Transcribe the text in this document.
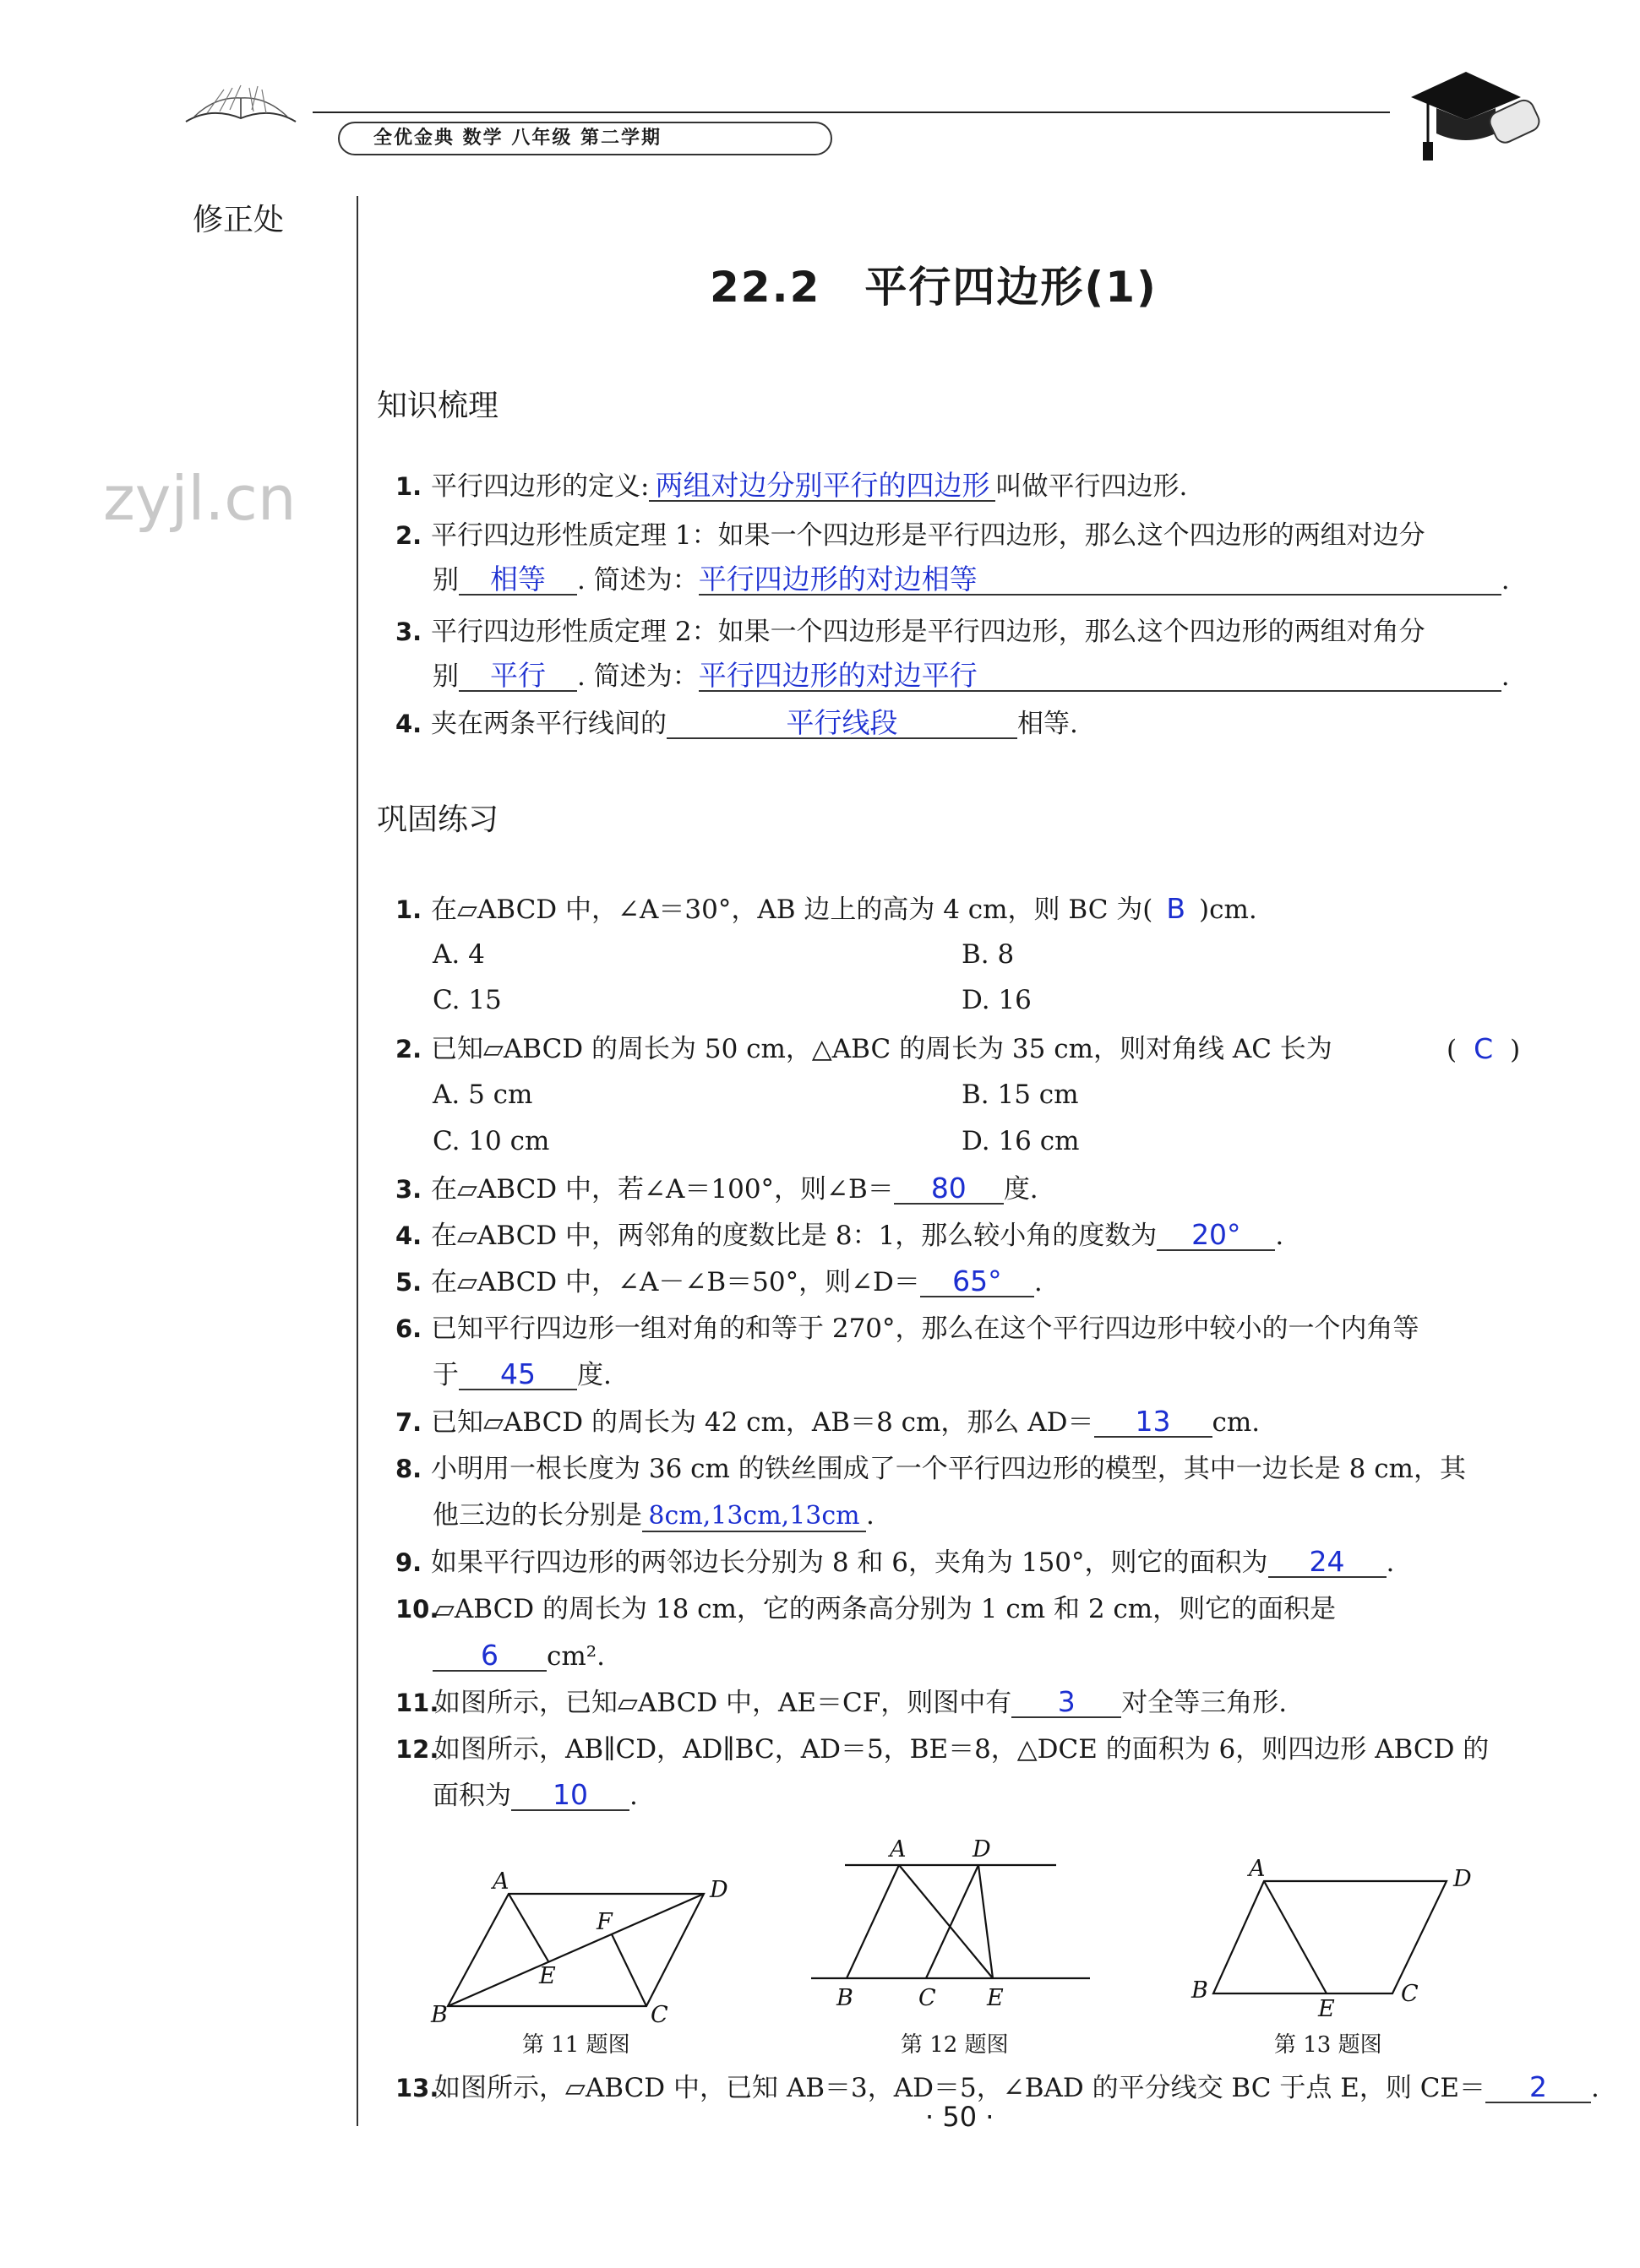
全优金典 数学 八年级 第二学期
修正处
zyjl.cn
22.2　平行四边形(1)
知识梳理
1. 平行四边形的定义: 两组对边分别平行的四边形 叫做平行四边形.
2. 平行四边形性质定理 1：如果一个四边形是平行四边形，那么这个四边形的两组对边分
别 相等 . 简述为：平行四边形的对边相等	.
3. 平行四边形性质定理 2：如果一个四边形是平行四边形，那么这个四边形的两组对角分
别 平行 . 简述为：平行四边形的对边平行	.
4. 夹在两条平行线间的	平行线段	相等.
巩固练习
1. 在▱ABCD 中，∠A＝30°，AB 边上的高为 4 cm，则 BC 为( B )cm.
A. 4	B. 8
C. 15	D. 16
2. 已知▱ABCD 的周长为 50 cm，△ABC 的周长为 35 cm，则对角线 AC 长为	( C )
A. 5 cm	B. 15 cm
C. 10 cm	D. 16 cm
3. 在▱ABCD 中，若∠A＝100°，则∠B＝ 80 度.
4. 在▱ABCD 中，两邻角的度数比是 8：1，那么较小角的度数为 20° .
5. 在▱ABCD 中，∠A－∠B＝50°，则∠D＝ 65° .
6. 已知平行四边形一组对角的和等于 270°，那么在这个平行四边形中较小的一个内角等
于 45 度.
7. 已知▱ABCD 的周长为 42 cm，AB＝8 cm，那么 AD＝ 13 cm.
8. 小明用一根长度为 36 cm 的铁丝围成了一个平行四边形的模型，其中一边长是 8 cm，其
他三边的长分别是 8cm,13cm,13cm .
9. 如果平行四边形的两邻边长分别为 8 和 6，夹角为 150°，则它的面积为 24 .
10.▱ABCD 的周长为 18 cm，它的两条高分别为 1 cm 和 2 cm，则它的面积是
6 cm².
11.如图所示，已知▱ABCD 中，AE＝CF，则图中有 3 对全等三角形.
12.如图所示，AB∥CD，AD∥BC，AD＝5，BE＝8，△DCE 的面积为 6，则四边形 ABCD 的
面积为 10 .
A	D
F
E
B	C
第 11 题图
A	D
B	C E
第 12 题图
A	D
B
E
C
第 13 题图
13.如图所示，▱ABCD 中，已知 AB＝3，AD＝5，∠BAD 的平分线交 BC 于点 E，则 CE＝ 2 .
· 50 ·
